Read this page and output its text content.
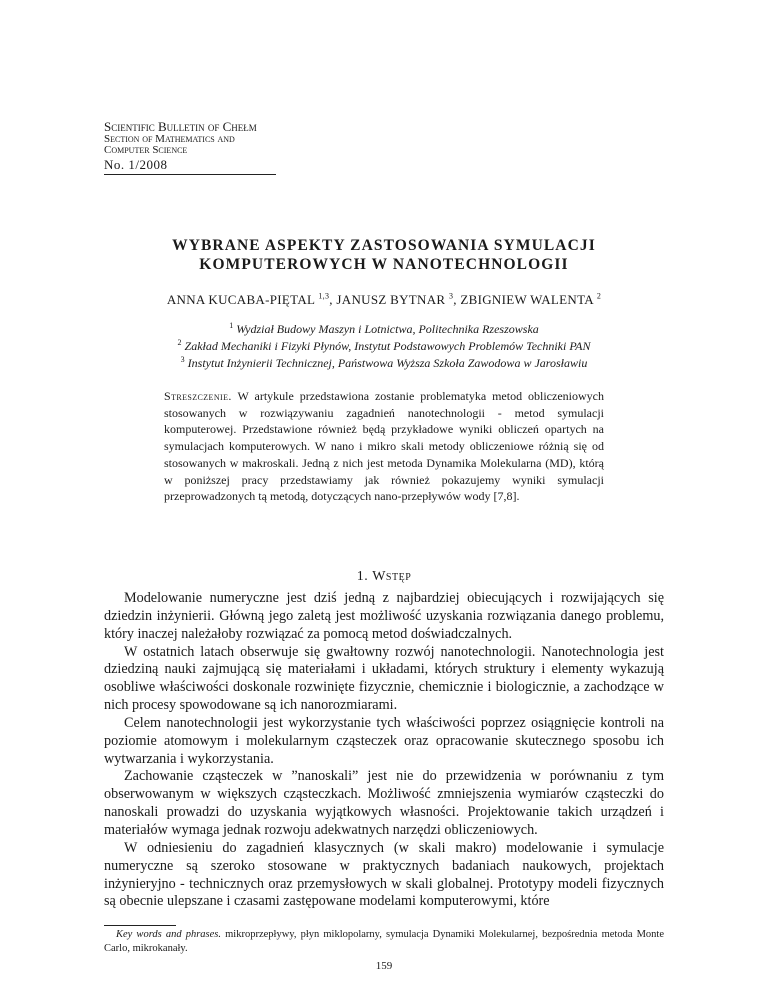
Scientific Bulletin of Chełm
Section of Mathematics and
Computer Science
No. 1/2008
WYBRANE ASPEKTY ZASTOSOWANIA SYMULACJI
KOMPUTEROWYCH W NANOTECHNOLOGII
ANNA KUCABA-PIĘTAL $^{1,3}$, JANUSZ BYTNAR $^3$, ZBIGNIEW WALENTA $^2$
$^1$ Wydział Budowy Maszyn i Lotnictwa, Politechnika Rzeszowska
$^2$ Zakład Mechaniki i Fizyki Płynów, Instytut Podstawowych Problemów Techniki PAN
$^3$ Instytut Inżynierii Technicznej, Państwowa Wyższa Szkoła Zawodowa w Jarosławiu
Streszczenie. W artykule przedstawiona zostanie problematyka metod obliczeniowych stosowanych w rozwiązywaniu zagadnień nanotechnologii - metod symulacji komputerowej. Przedstawione również będą przykładowe wyniki obliczeń opartych na symulacjach komputerowych. W nano i mikro skali metody obliczeniowe różnią się od stosowanych w makroskali. Jedną z nich jest metoda Dynamika Molekularna (MD), którą w poniższej pracy przedstawiamy jak również pokazujemy wyniki symulacji przeprowadzonych tą metodą, dotyczących nano-przepływów wody [7,8].
1. Wstęp

Modelowanie numeryczne jest dziś jedną z najbardziej obiecujących i rozwijających się dziedzin inżynierii. Główną jego zaletą jest możliwość uzyskania rozwiązania danego problemu, który inaczej należałoby rozwiązać za pomocą metod doświadczalnych.

W ostatnich latach obserwuje się gwałtowny rozwój nanotechnologii. Nanotechnologia jest dziedziną nauki zajmującą się materiałami i układami, których struktury i elementy wykazują osobliwe właściwości doskonale rozwinięte fizycznie, chemicznie i biologicznie, a zachodzące w nich procesy spowodowane są ich nanorozmiarami.

Celem nanotechnologii jest wykorzystanie tych właściwości poprzez osiągnięcie kontroli na poziomie atomowym i molekularnym cząsteczek oraz opracowanie skutecznego sposobu ich wytwarzania i wykorzystania.

Zachowanie cząsteczek w ”nanoskali” jest nie do przewidzenia w porównaniu z tym obserwowanym w większych cząsteczkach. Możliwość zmniejszenia wymiarów cząsteczki do nanoskali prowadzi do uzyskania wyjątkowych własności. Projektowanie takich urządzeń i materiałów wymaga jednak rozwoju adekwatnych narzędzi obliczeniowych.

W odniesieniu do zagadnień klasycznych (w skali makro) modelowanie i symulacje numeryczne są szeroko stosowane w praktycznych badaniach naukowych, projektach inżynieryjno - technicznych oraz przemysłowych w skali globalnej. Prototypy modeli fizycznych są obecnie ulepszane i czasami zastępowane modelami komputerowymi, które

Key words and phrases. mikroprzepływy, płyn miklopolarny, symulacja Dynamiki Molekularnej, bezpośrednia metoda Monte Carlo, mikrokanały.
159
